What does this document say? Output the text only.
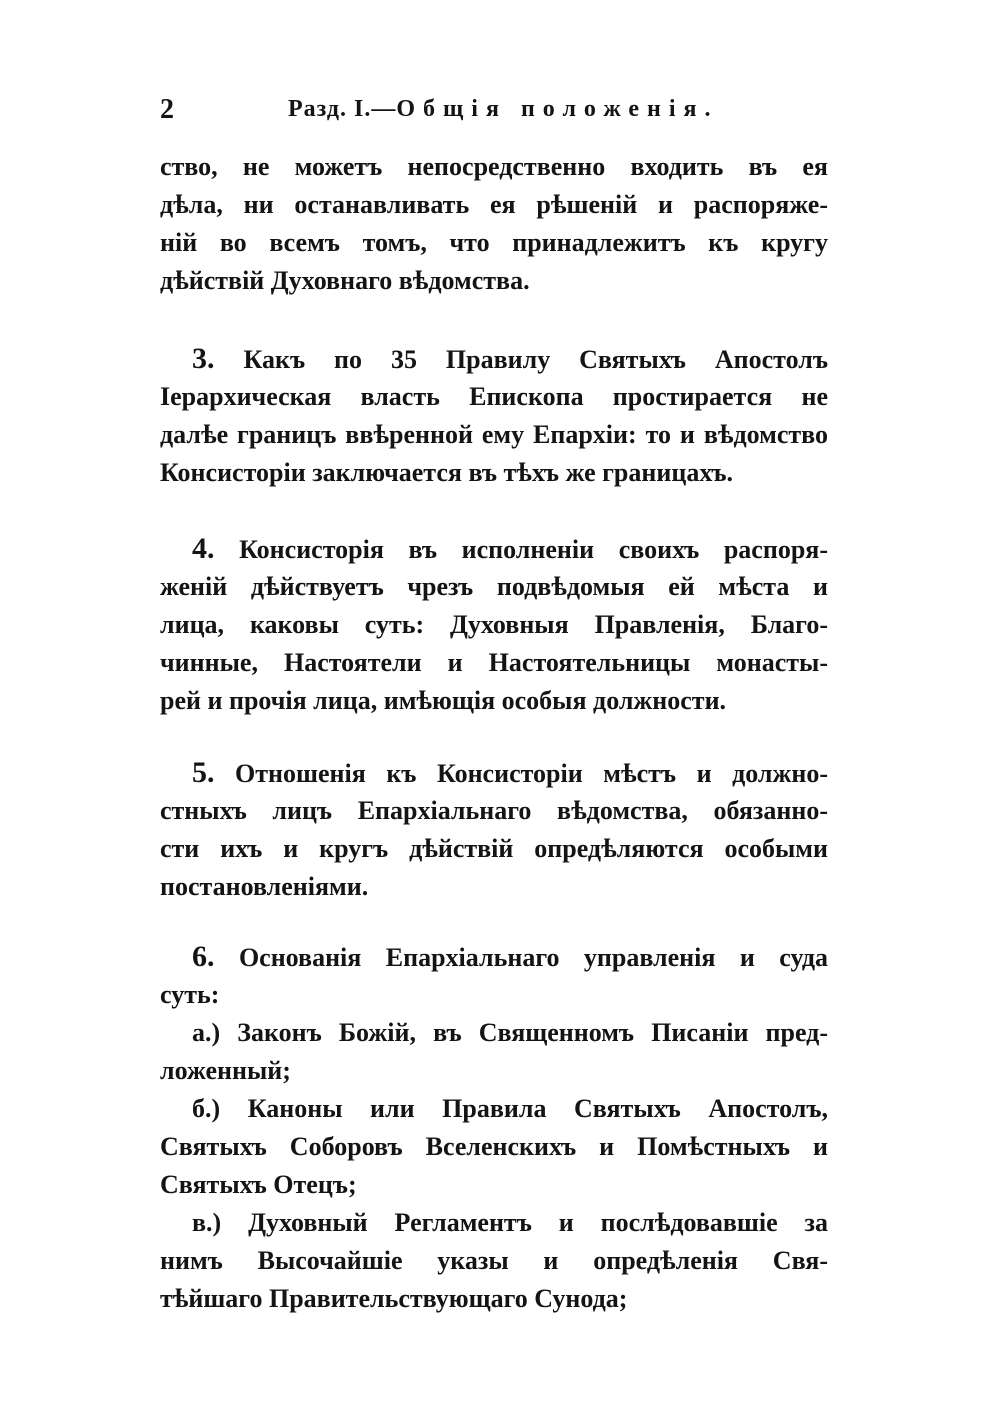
2	Разд. I.—Общія положенія.
ство, не можетъ непосредственно входить въ ея
дѣла, ни останавливать ея рѣшеній и распоряже-
ній во всемъ томъ, что принадлежитъ къ кругу
дѣйствій Духовнаго вѣдомства.
3. Какъ по 35 Правилу Святыхъ Апостолъ
Іерархическая власть Епископа простирается не
далѣе границъ ввѣренной ему Епархіи: то и вѣдомство
Консисторіи заключается въ тѣхъ же границахъ.
4. Консисторія въ исполненіи своихъ распоря-
женій дѣйствуетъ чрезъ подвѣдомыя ей мѣста и
лица, каковы суть: Духовныя Правленія, Благо-
чинные, Настоятели и Настоятельницы монасты-
рей и прочія лица, имѣющія особыя должности.
5. Отношенія къ Консисторіи мѣстъ и должно-
стныхъ лицъ Епархіальнаго вѣдомства, обязанно-
сти ихъ и кругъ дѣйствій опредѣляются особыми
постановленіями.
6. Основанія Епархіальнаго управленія и суда
суть:
а.) Законъ Божій, въ Священномъ Писаніи пред-
ложенный;
б.) Каноны или Правила Святыхъ Апостолъ,
Святыхъ Соборовъ Вселенскихъ и Помѣстныхъ и
Святыхъ Отецъ;
в.) Духовный Регламентъ и послѣдовавшіе за
нимъ Высочайшіе указы и опредѣленія Свя-
тѣйшаго Правительствующаго Сунода;
